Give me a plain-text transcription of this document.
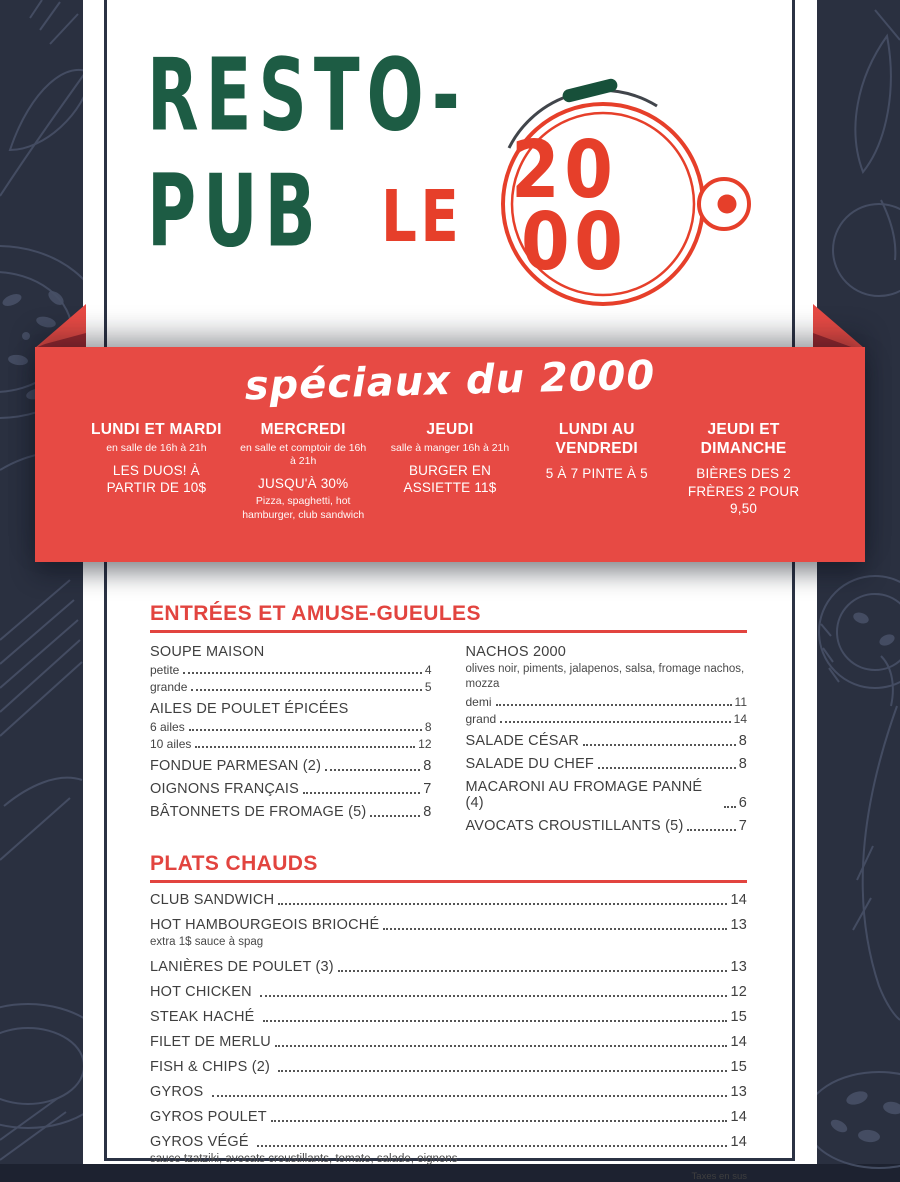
RESTO-
PUB LE
20
00
ENTRÉES ET AMUSE-GUEULES
SOUPE MAISON
petite	4
grande	5
AILES DE POULET ÉPICÉES
6 ailes	8
10 ailes	12
FONDUE PARMESAN (2)	8
OIGNONS FRANÇAIS	7
BÂTONNETS DE FROMAGE (5)	8
NACHOS 2000
olives noir, piments, jalapenos, salsa, fromage nachos, mozza
demi	11
grand	14
SALADE CÉSAR	8
SALADE DU CHEF	8
MACARONI AU FROMAGE PANNÉ (4)	6
AVOCATS CROUSTILLANTS (5)	7
PLATS CHAUDS
CLUB SANDWICH	14
HOT HAMBOURGEOIS BRIOCHÉ	13
extra 1$ sauce à spag
LANIÈRES DE POULET (3)	13
HOT CHICKEN	12
STEAK HACHÉ	15
FILET DE MERLU	14
FISH & CHIPS (2)	15
GYROS	13
GYROS POULET	14
GYROS VÉGÉ	14
sauce tzatziki, avocats croustillants, tomate, salade, oignons
Taxes en sus
spéciaux du 2000
LUNDI ET MARDI
en salle de 16h à 21h
LES DUOS! À PARTIR DE 10$
MERCREDI
en salle et comptoir de 16h à 21h
JUSQU'À 30%
Pizza, spaghetti, hot hamburger, club sandwich
JEUDI
salle à manger 16h à 21h
BURGER EN ASSIETTE 11$
LUNDI AU VENDREDI
5 À 7 PINTE À 5
JEUDI ET DIMANCHE
BIÈRES DES 2 FRÈRES 2 POUR 9,50
